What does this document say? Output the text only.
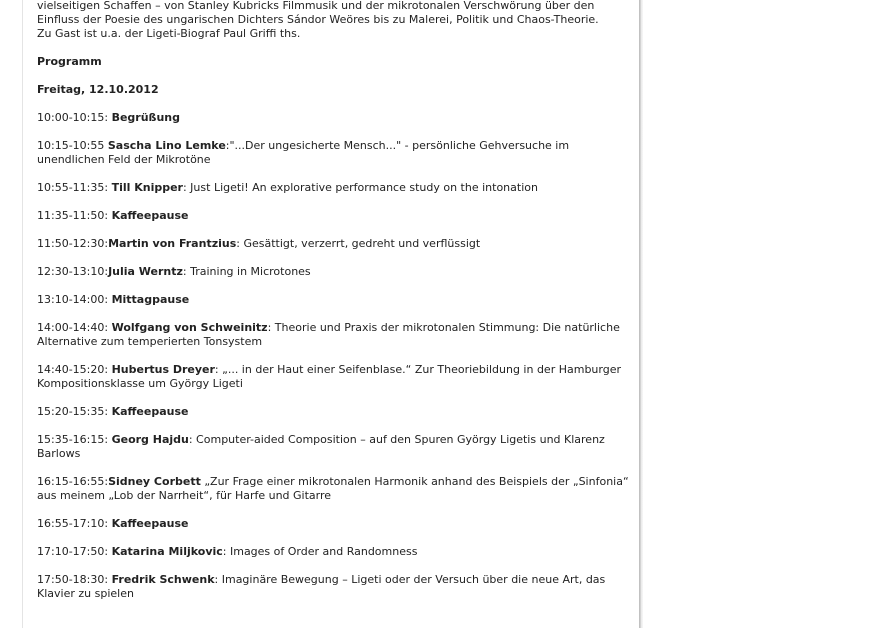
vielseitigen Schaffen – von Stanley Kubricks Filmmusik und der mikrotonalen Verschwörung über den
Einfluss der Poesie des ungarischen Dichters Sándor Weöres bis zu Malerei, Politik und Chaos-Theorie.
Zu Gast ist u.a. der Ligeti-Biograf Paul Griffi ths.

Programm

Freitag, 12.10.2012

10:00-10:15: Begrüßung

10:15-10:55 Sascha Lino Lemke:"...Der ungesicherte Mensch..." - persönliche Gehversuche im unendlichen Feld der Mikrotöne

10:55-11:35: Till Knipper: Just Ligeti! An explorative performance study on the intonation

11:35-11:50: Kaffeepause

11:50-12:30:Martin von Frantzius: Gesättigt, verzerrt, gedreht und verflüssigt

12:30-13:10:Julia Werntz: Training in Microtones

13:10-14:00: Mittagpause

14:00-14:40: Wolfgang von Schweinitz: Theorie und Praxis der mikrotonalen Stimmung: Die natürliche Alternative zum temperierten Tonsystem

14:40-15:20: Hubertus Dreyer: „... in der Haut einer Seifenblase.“ Zur Theoriebildung in der Hamburger Kompositionsklasse um György Ligeti

15:20-15:35: Kaffeepause

15:35-16:15: Georg Hajdu: Computer-aided Composition – auf den Spuren György Ligetis und Klarenz Barlows

16:15-16:55:Sidney Corbett „Zur Frage einer mikrotonalen Harmonik anhand des Beispiels der „Sinfonia“ aus meinem „Lob der Narrheit“, für Harfe und Gitarre

16:55-17:10: Kaffeepause

17:10-17:50: Katarina Miljkovic: Images of Order and Randomness

17:50-18:30: Fredrik Schwenk: Imaginäre Bewegung – Ligeti oder der Versuch über die neue Art, das Klavier zu spielen
